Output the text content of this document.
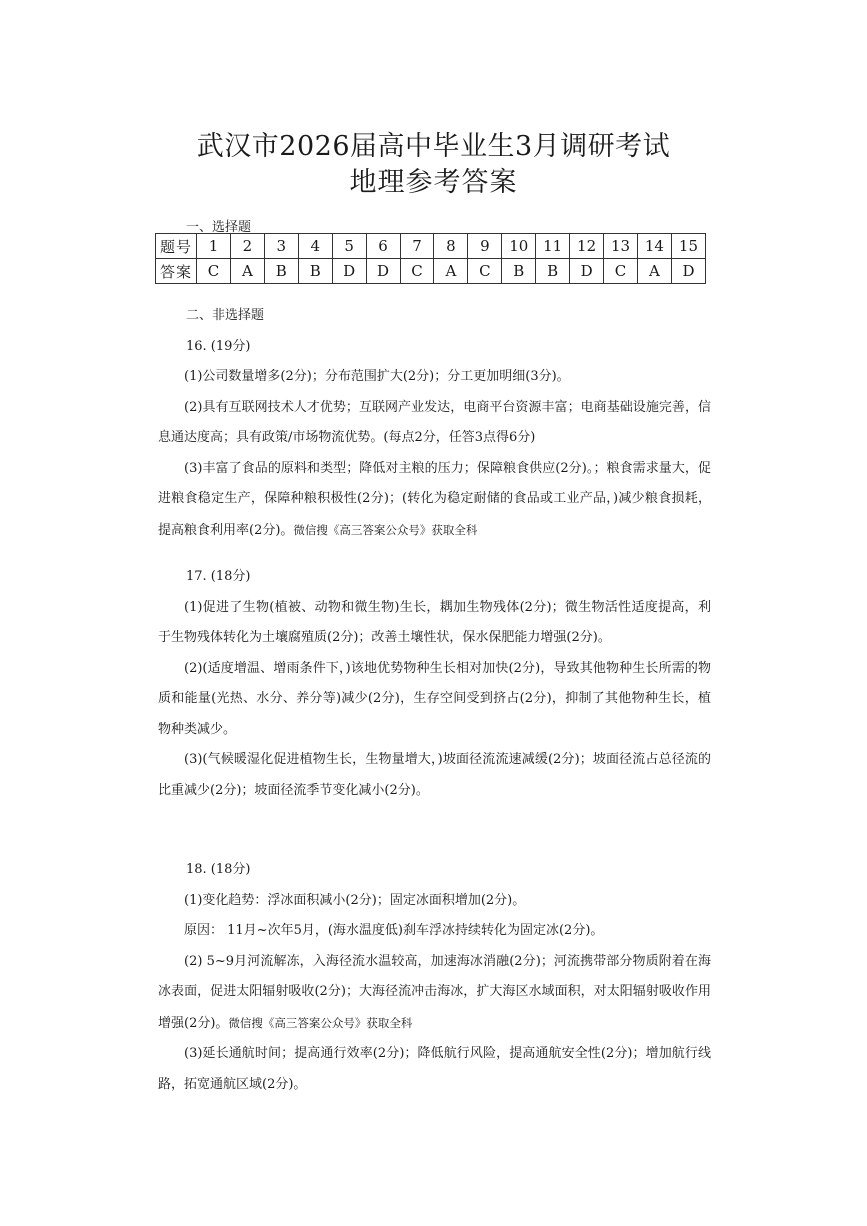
武汉市2026届高中毕业生3月调研考试
地理参考答案
一、选择题
题号	1	2	3	4	5	6	7	8	9	10	11	12	13	14	15
答案	C	A	B	B	D	D	C	A	C	B	B	D	C	A	D

二、非选择题

16. (19分)

(1)公司数量增多(2分)；分布范围扩大(2分)；分工更加明细(3分)。

(2)具有互联网技术人才优势；互联网产业发达，电商平台资源丰富；电商基础设施完善，信息通达度高；具有政策/市场物流优势。(每点2分，任答3点得6分)

(3)丰富了食品的原料和类型；降低对主粮的压力；保障粮食供应(2分)。；粮食需求量大，促进粮食稳定生产，保障种粮积极性(2分)；(转化为稳定耐储的食品或工业产品，)减少粮食损耗，提高粮食利用率(2分)。微信搜《高三答案公众号》获取全科

17. (18分)

(1)促进了生物(植被、动物和微生物)生长，耦加生物残体(2分)；微生物活性适度提高，利于生物残体转化为土壤腐殖质(2分)；改善土壤性状，保水保肥能力增强(2分)。

(2)(适度增温、增雨条件下，)该地优势物种生长相对加快(2分)，导致其他物种生长所需的物质和能量(光热、水分、养分等)减少(2分)，生存空间受到挤占(2分)，抑制了其他物种生长，植物种类减少。

(3)(气候暖湿化促进植物生长，生物量增大，)坡面径流流速减缓(2分)；坡面径流占总径流的比重减少(2分)；坡面径流季节变化减小(2分)。

18. (18分)

(1)变化趋势：浮冰面积减小(2分)；固定冰面积增加(2分)。

原因： 11月~次年5月，(海水温度低)刹车浮冰持续转化为固定冰(2分)。

(2) 5~9月河流解冻，入海径流水温较高，加速海冰消融(2分)；河流携带部分物质附着在海冰表面，促进太阳辐射吸收(2分)；大海径流冲击海冰，扩大海区水域面积，对太阳辐射吸收作用增强(2分)。微信搜《高三答案公众号》获取全科

(3)延长通航时间；提高通行效率(2分)；降低航行风险，提高通航安全性(2分)；增加航行线路，拓宽通航区域(2分)。
